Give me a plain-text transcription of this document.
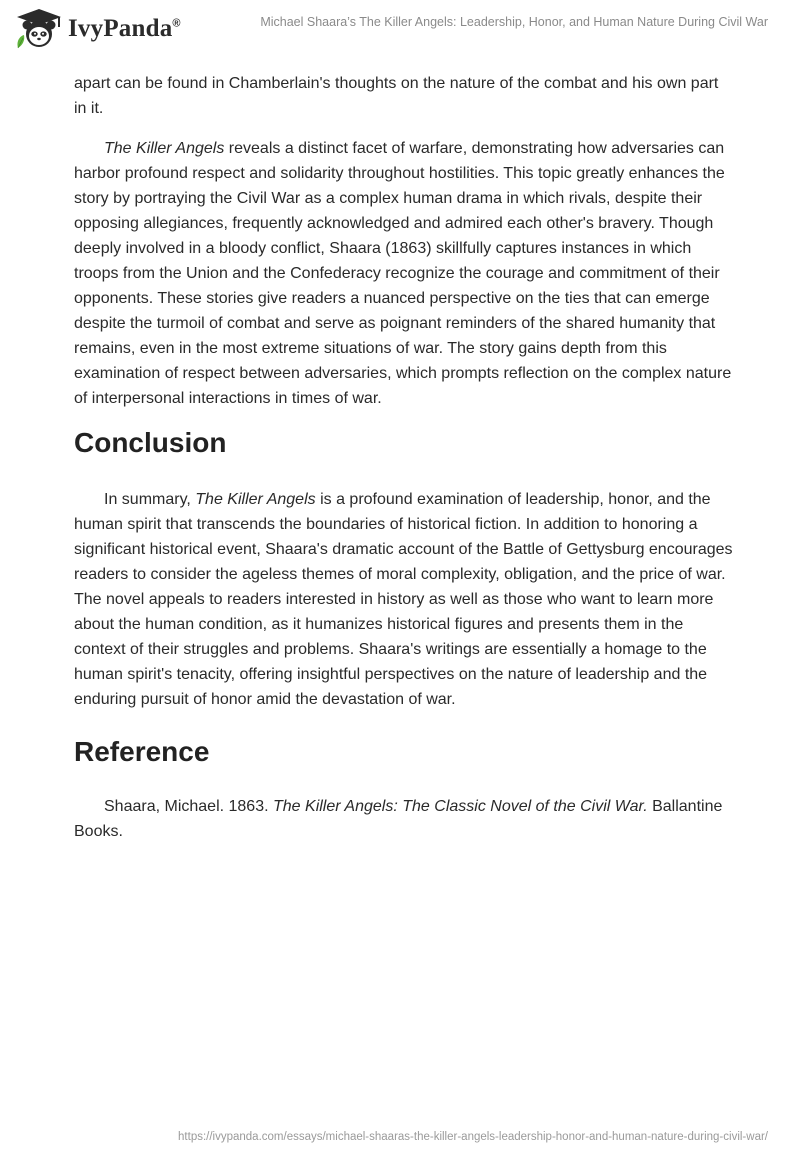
IvyPanda®	Michael Shaara’s The Killer Angels: Leadership, Honor, and Human Nature During Civil War

apart can be found in Chamberlain's thoughts on the nature of the combat and his own part in it.

The Killer Angels reveals a distinct facet of warfare, demonstrating how adversaries can harbor profound respect and solidarity throughout hostilities. This topic greatly enhances the story by portraying the Civil War as a complex human drama in which rivals, despite their opposing allegiances, frequently acknowledged and admired each other's bravery. Though deeply involved in a bloody conflict, Shaara (1863) skillfully captures instances in which troops from the Union and the Confederacy recognize the courage and commitment of their opponents. These stories give readers a nuanced perspective on the ties that can emerge despite the turmoil of combat and serve as poignant reminders of the shared humanity that remains, even in the most extreme situations of war. The story gains depth from this examination of respect between adversaries, which prompts reflection on the complex nature of interpersonal interactions in times of war.

Conclusion

In summary, The Killer Angels is a profound examination of leadership, honor, and the human spirit that transcends the boundaries of historical fiction. In addition to honoring a significant historical event, Shaara's dramatic account of the Battle of Gettysburg encourages readers to consider the ageless themes of moral complexity, obligation, and the price of war. The novel appeals to readers interested in history as well as those who want to learn more about the human condition, as it humanizes historical figures and presents them in the context of their struggles and problems. Shaara's writings are essentially a homage to the human spirit's tenacity, offering insightful perspectives on the nature of leadership and the enduring pursuit of honor amid the devastation of war.

Reference

Shaara, Michael. 1863. The Killer Angels: The Classic Novel of the Civil War. Ballantine Books.

https://ivypanda.com/essays/michael-shaaras-the-killer-angels-leadership-honor-and-human-nature-during-civil-war/
